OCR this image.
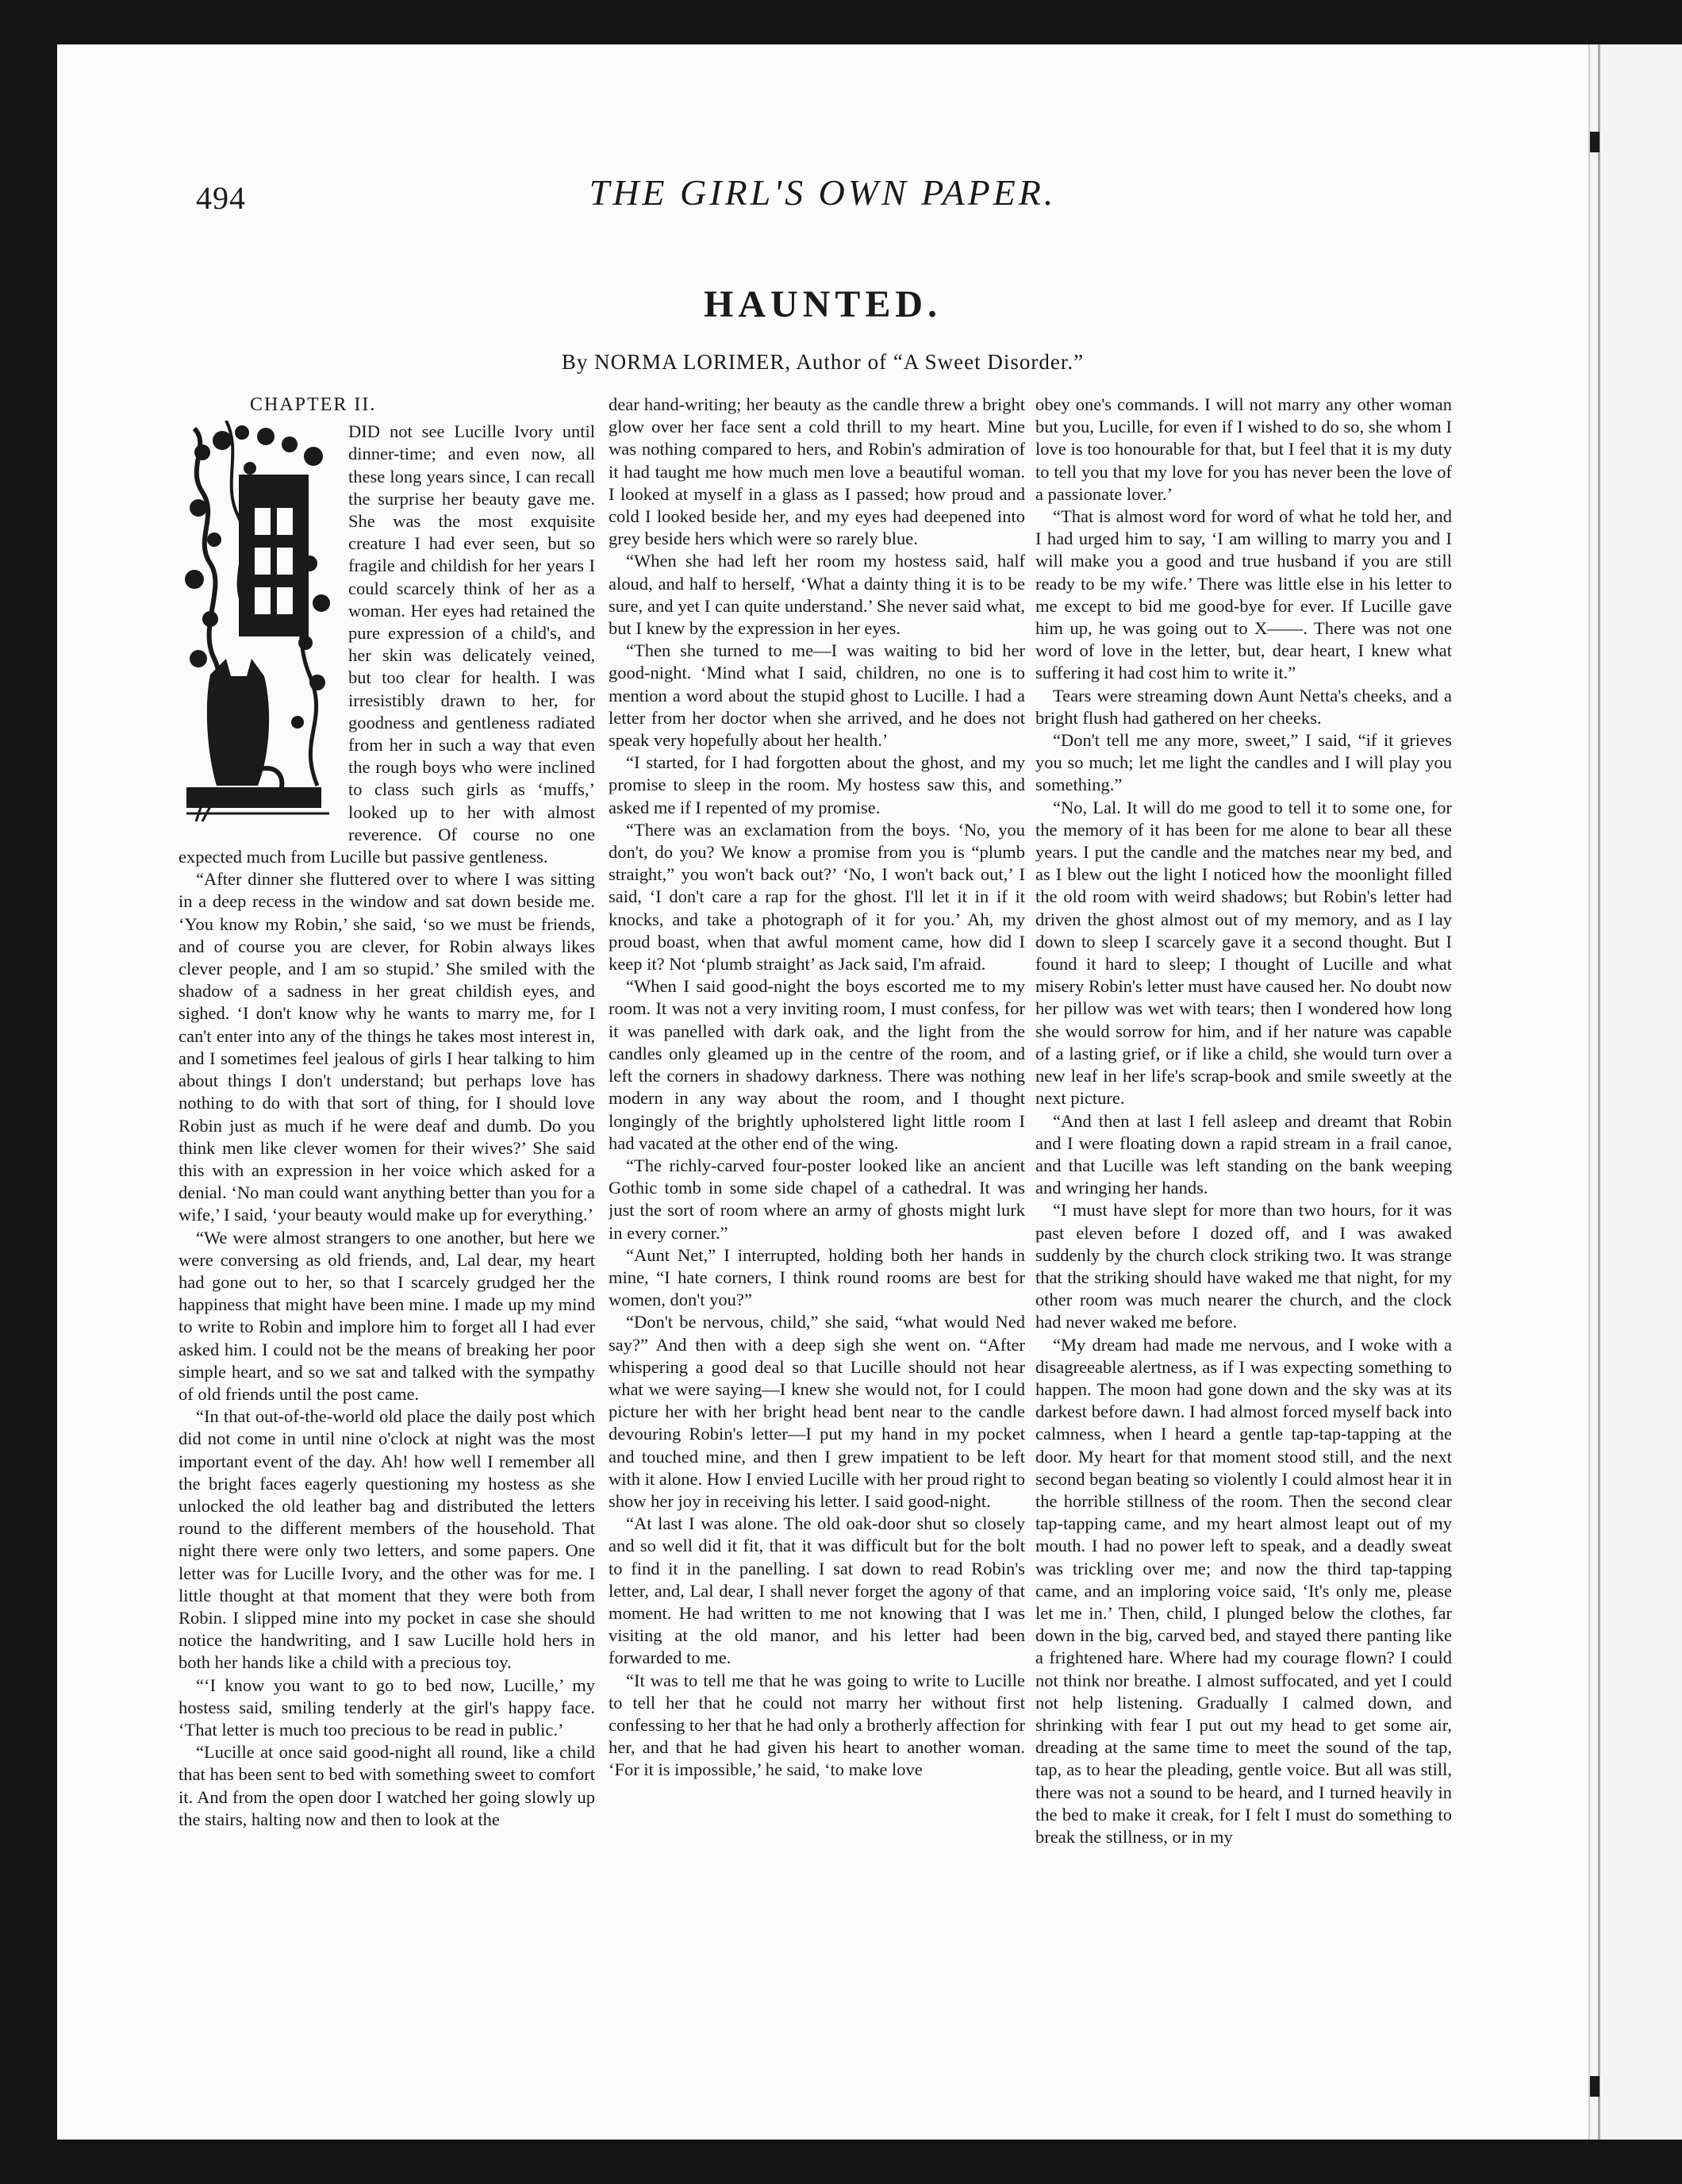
494	THE GIRL'S OWN PAPER.
HAUNTED.
By NORMA LORIMER, Author of “A Sweet Disorder.”
CHAPTER II.

DID not see Lucille Ivory until dinner-time; and even now, all these long years since, I can recall the surprise her beauty gave me. She was the most exquisite creature I had ever seen, but so fragile and childish for her years I could scarcely think of her as a woman. Her eyes had retained the pure expression of a child's, and her skin was delicately veined, but too clear for health. I was irresistibly drawn to her, for goodness and gentleness radiated from her in such a way that even the rough boys who were inclined to class such girls as ‘muffs,’ looked up to her with almost reverence. Of course no one expected much from Lucille but passive gentleness.

“After dinner she fluttered over to where I was sitting in a deep recess in the window and sat down beside me. ‘You know my Robin,’ she said, ‘so we must be friends, and of course you are clever, for Robin always likes clever people, and I am so stupid.’ She smiled with the shadow of a sadness in her great childish eyes, and sighed. ‘I don't know why he wants to marry me, for I can't enter into any of the things he takes most interest in, and I sometimes feel jealous of girls I hear talking to him about things I don't understand; but perhaps love has nothing to do with that sort of thing, for I should love Robin just as much if he were deaf and dumb. Do you think men like clever women for their wives?’ She said this with an expression in her voice which asked for a denial. ‘No man could want anything better than you for a wife,’ I said, ‘your beauty would make up for everything.’

“We were almost strangers to one another, but here we were conversing as old friends, and, Lal dear, my heart had gone out to her, so that I scarcely grudged her the happiness that might have been mine. I made up my mind to write to Robin and implore him to forget all I had ever asked him. I could not be the means of breaking her poor simple heart, and so we sat and talked with the sympathy of old friends until the post came.

“In that out-of-the-world old place the daily post which did not come in until nine o'clock at night was the most important event of the day. Ah! how well I remember all the bright faces eagerly questioning my hostess as she unlocked the old leather bag and distributed the letters round to the different members of the household. That night there were only two letters, and some papers. One letter was for Lucille Ivory, and the other was for me. I little thought at that moment that they were both from Robin. I slipped mine into my pocket in case she should notice the handwriting, and I saw Lucille hold hers in both her hands like a child with a precious toy.

“‘I know you want to go to bed now, Lucille,’ my hostess said, smiling tenderly at the girl's happy face. ‘That letter is much too precious to be read in public.’

“Lucille at once said good-night all round, like a child that has been sent to bed with something sweet to comfort it. And from the open door I watched her going slowly up the stairs, halting now and then to look at the

dear hand-writing; her beauty as the candle threw a bright glow over her face sent a cold thrill to my heart. Mine was nothing compared to hers, and Robin's admiration of it had taught me how much men love a beautiful woman. I looked at myself in a glass as I passed; how proud and cold I looked beside her, and my eyes had deepened into grey beside hers which were so rarely blue.

“When she had left her room my hostess said, half aloud, and half to herself, ‘What a dainty thing it is to be sure, and yet I can quite understand.’ She never said what, but I knew by the expression in her eyes.

“Then she turned to me—I was waiting to bid her good-night. ‘Mind what I said, children, no one is to mention a word about the stupid ghost to Lucille. I had a letter from her doctor when she arrived, and he does not speak very hopefully about her health.’

“I started, for I had forgotten about the ghost, and my promise to sleep in the room. My hostess saw this, and asked me if I repented of my promise.

“There was an exclamation from the boys. ‘No, you don't, do you? We know a promise from you is “plumb straight,” you won't back out?’ ‘No, I won't back out,’ I said, ‘I don't care a rap for the ghost. I'll let it in if it knocks, and take a photograph of it for you.’ Ah, my proud boast, when that awful moment came, how did I keep it? Not ‘plumb straight’ as Jack said, I'm afraid.

“When I said good-night the boys escorted me to my room. It was not a very inviting room, I must confess, for it was panelled with dark oak, and the light from the candles only gleamed up in the centre of the room, and left the corners in shadowy darkness. There was nothing modern in any way about the room, and I thought longingly of the brightly upholstered light little room I had vacated at the other end of the wing.

“The richly-carved four-poster looked like an ancient Gothic tomb in some side chapel of a cathedral. It was just the sort of room where an army of ghosts might lurk in every corner.”

“Aunt Net,” I interrupted, holding both her hands in mine, “I hate corners, I think round rooms are best for women, don't you?”

“Don't be nervous, child,” she said, “what would Ned say?” And then with a deep sigh she went on. “After whispering a good deal so that Lucille should not hear what we were saying—I knew she would not, for I could picture her with her bright head bent near to the candle devouring Robin's letter—I put my hand in my pocket and touched mine, and then I grew impatient to be left with it alone. How I envied Lucille with her proud right to show her joy in receiving his letter. I said good-night.

“At last I was alone. The old oak-door shut so closely and so well did it fit, that it was difficult but for the bolt to find it in the panelling. I sat down to read Robin's letter, and, Lal dear, I shall never forget the agony of that moment. He had written to me not knowing that I was visiting at the old manor, and his letter had been forwarded to me.

“It was to tell me that he was going to write to Lucille to tell her that he could not marry her without first confessing to her that he had only a brotherly affection for her, and that he had given his heart to another woman. ‘For it is impossible,’ he said, ‘to make love

obey one's commands. I will not marry any other woman but you, Lucille, for even if I wished to do so, she whom I love is too honourable for that, but I feel that it is my duty to tell you that my love for you has never been the love of a passionate lover.’

“That is almost word for word of what he told her, and I had urged him to say, ‘I am willing to marry you and I will make you a good and true husband if you are still ready to be my wife.’ There was little else in his letter to me except to bid me good-bye for ever. If Lucille gave him up, he was going out to X——. There was not one word of love in the letter, but, dear heart, I knew what suffering it had cost him to write it.”

Tears were streaming down Aunt Netta's cheeks, and a bright flush had gathered on her cheeks.

“Don't tell me any more, sweet,” I said, “if it grieves you so much; let me light the candles and I will play you something.”

“No, Lal. It will do me good to tell it to some one, for the memory of it has been for me alone to bear all these years. I put the candle and the matches near my bed, and as I blew out the light I noticed how the moonlight filled the old room with weird shadows; but Robin's letter had driven the ghost almost out of my memory, and as I lay down to sleep I scarcely gave it a second thought. But I found it hard to sleep; I thought of Lucille and what misery Robin's letter must have caused her. No doubt now her pillow was wet with tears; then I wondered how long she would sorrow for him, and if her nature was capable of a lasting grief, or if like a child, she would turn over a new leaf in her life's scrap-book and smile sweetly at the next picture.

“And then at last I fell asleep and dreamt that Robin and I were floating down a rapid stream in a frail canoe, and that Lucille was left standing on the bank weeping and wringing her hands.

“I must have slept for more than two hours, for it was past eleven before I dozed off, and I was awaked suddenly by the church clock striking two. It was strange that the striking should have waked me that night, for my other room was much nearer the church, and the clock had never waked me before.

“My dream had made me nervous, and I woke with a disagreeable alertness, as if I was expecting something to happen. The moon had gone down and the sky was at its darkest before dawn. I had almost forced myself back into calmness, when I heard a gentle tap-tap-tapping at the door. My heart for that moment stood still, and the next second began beating so violently I could almost hear it in the horrible stillness of the room. Then the second clear tap-tapping came, and my heart almost leapt out of my mouth. I had no power left to speak, and a deadly sweat was trickling over me; and now the third tap-tapping came, and an imploring voice said, ‘It's only me, please let me in.’ Then, child, I plunged below the clothes, far down in the big, carved bed, and stayed there panting like a frightened hare. Where had my courage flown? I could not think nor breathe. I almost suffocated, and yet I could not help listening. Gradually I calmed down, and shrinking with fear I put out my head to get some air, dreading at the same time to meet the sound of the tap, tap, as to hear the pleading, gentle voice. But all was still, there was not a sound to be heard, and I turned heavily in the bed to make it creak, for I felt I must do something to break the stillness, or in my
